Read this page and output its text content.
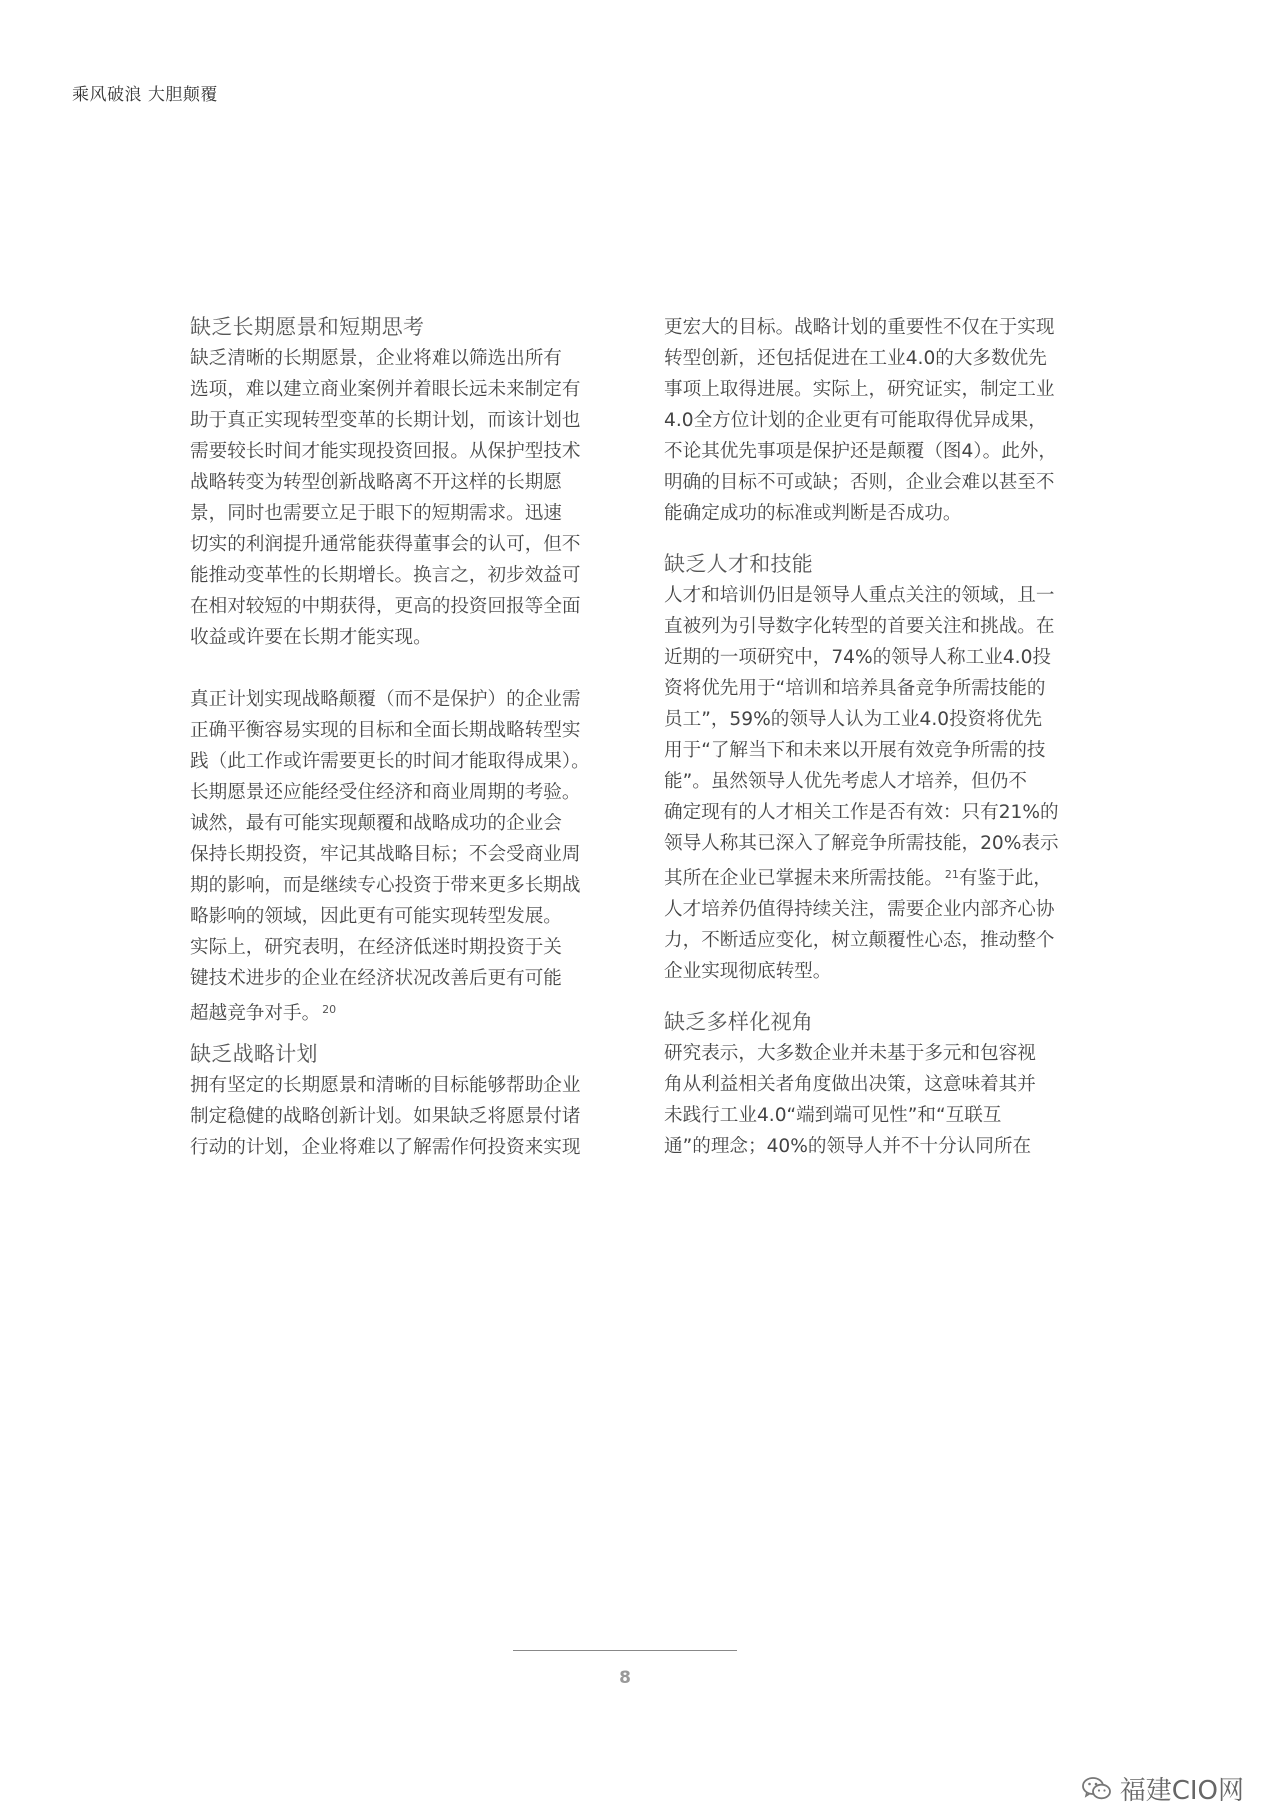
乘风破浪 大胆颠覆
缺乏长期愿景和短期思考
缺乏清晰的长期愿景，企业将难以筛选出所有
选项，难以建立商业案例并着眼长远未来制定有
助于真正实现转型变革的长期计划，而该计划也
需要较长时间才能实现投资回报。从保护型技术
战略转变为转型创新战略离不开这样的长期愿
景，同时也需要立足于眼下的短期需求。迅速
切实的利润提升通常能获得董事会的认可，但不
能推动变革性的长期增长。换言之，初步效益可
在相对较短的中期获得，更高的投资回报等全面
收益或许要在长期才能实现。
真正计划实现战略颠覆（而不是保护）的企业需
正确平衡容易实现的目标和全面长期战略转型实
践（此工作或许需要更长的时间才能取得成果）。
长期愿景还应能经受住经济和商业周期的考验。
诚然，最有可能实现颠覆和战略成功的企业会
保持长期投资，牢记其战略目标；不会受商业周
期的影响，而是继续专心投资于带来更多长期战
略影响的领域，因此更有可能实现转型发展。
实际上，研究表明，在经济低迷时期投资于关
键技术进步的企业在经济状况改善后更有可能
超越竞争对手。 $^{20}$
缺乏战略计划
拥有坚定的长期愿景和清晰的目标能够帮助企业
制定稳健的战略创新计划。如果缺乏将愿景付诸
行动的计划，企业将难以了解需作何投资来实现
更宏大的目标。战略计划的重要性不仅在于实现
转型创新，还包括促进在工业4.0的大多数优先
事项上取得进展。实际上，研究证实，制定工业
4.0全方位计划的企业更有可能取得优异成果，
不论其优先事项是保护还是颠覆（图4）。此外，
明确的目标不可或缺；否则，企业会难以甚至不
能确定成功的标准或判断是否成功。
缺乏人才和技能
人才和培训仍旧是领导人重点关注的领域，且一
直被列为引导数字化转型的首要关注和挑战。在
近期的一项研究中，74%的领导人称工业4.0投
资将优先用于“培训和培养具备竞争所需技能的
员工”，59%的领导人认为工业4.0投资将优先
用于“了解当下和未来以开展有效竞争所需的技
能”。虽然领导人优先考虑人才培养，但仍不
确定现有的人才相关工作是否有效：只有21%的
领导人称其已深入了解竞争所需技能，20%表示
其所在企业已掌握未来所需技能。 $^{21}$有鉴于此，
人才培养仍值得持续关注，需要企业内部齐心协
力，不断适应变化，树立颠覆性心态，推动整个
企业实现彻底转型。
缺乏多样化视角
研究表示，大多数企业并未基于多元和包容视
角从利益相关者角度做出决策，这意味着其并
未践行工业4.0“端到端可见性”和“互联互
通”的理念；40%的领导人并不十分认同所在
8
福建CIO网
